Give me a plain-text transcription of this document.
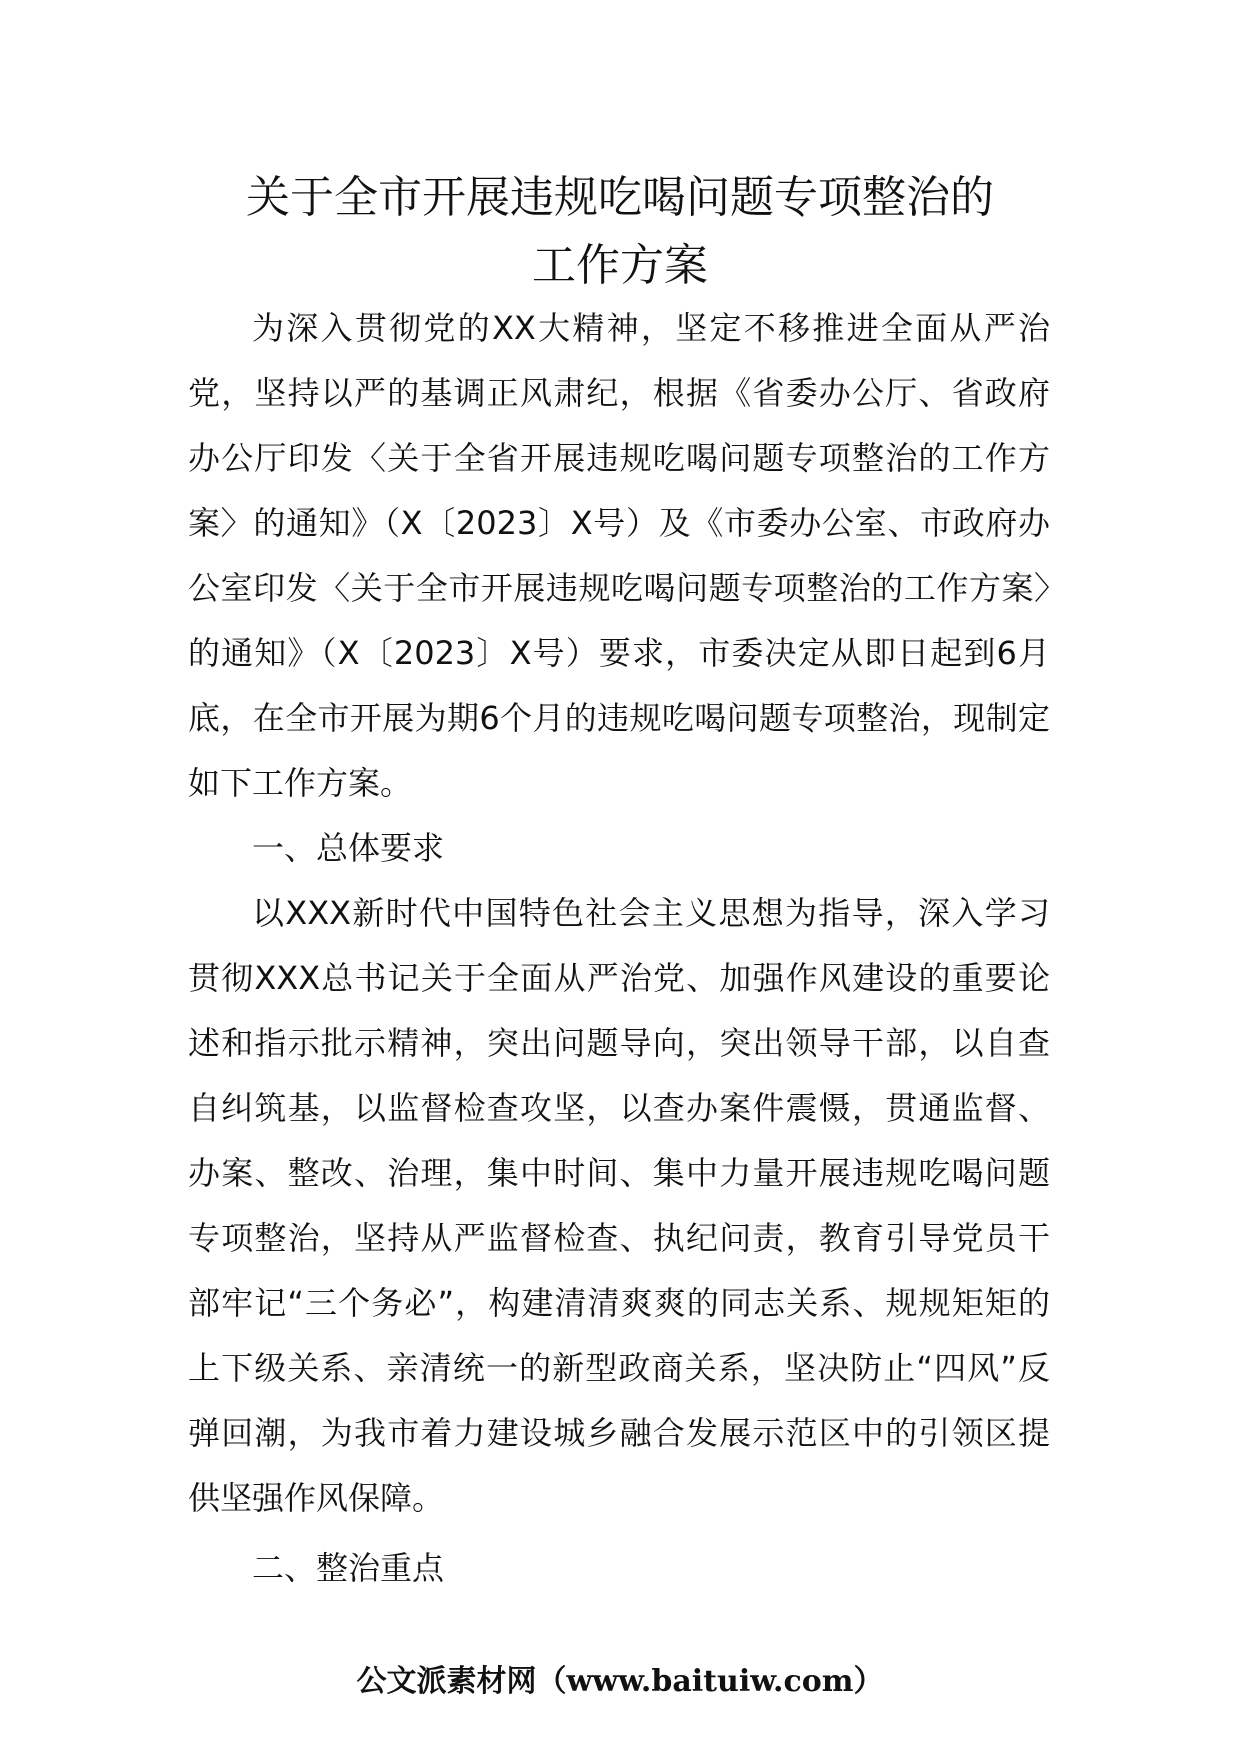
关于全市开展违规吃喝问题专项整治的
工作方案

为深入贯彻党的XX大精神，坚定不移推进全面从严治党，坚持以严的基调正风肃纪，根据《省委办公厅、省政府办公厅印发〈关于全省开展违规吃喝问题专项整治的工作方案〉的通知》（X〔2023〕X号）及《市委办公室、市政府办公室印发〈关于全市开展违规吃喝问题专项整治的工作方案〉的通知》（X〔2023〕X号）要求，市委决定从即日起到6月底，在全市开展为期6个月的违规吃喝问题专项整治，现制定如下工作方案。

一、总体要求

以XXX新时代中国特色社会主义思想为指导，深入学习贯彻XXX总书记关于全面从严治党、加强作风建设的重要论述和指示批示精神，突出问题导向，突出领导干部，以自查自纠筑基，以监督检查攻坚，以查办案件震慑，贯通监督、办案、整改、治理，集中时间、集中力量开展违规吃喝问题专项整治，坚持从严监督检查、执纪问责，教育引导党员干部牢记“三个务必”，构建清清爽爽的同志关系、规规矩矩的上下级关系、亲清统一的新型政商关系，坚决防止“四风”反弹回潮，为我市着力建设城乡融合发展示范区中的引领区提供坚强作风保障。

二、整治重点

公文派素材网（www.baituiw.com）
